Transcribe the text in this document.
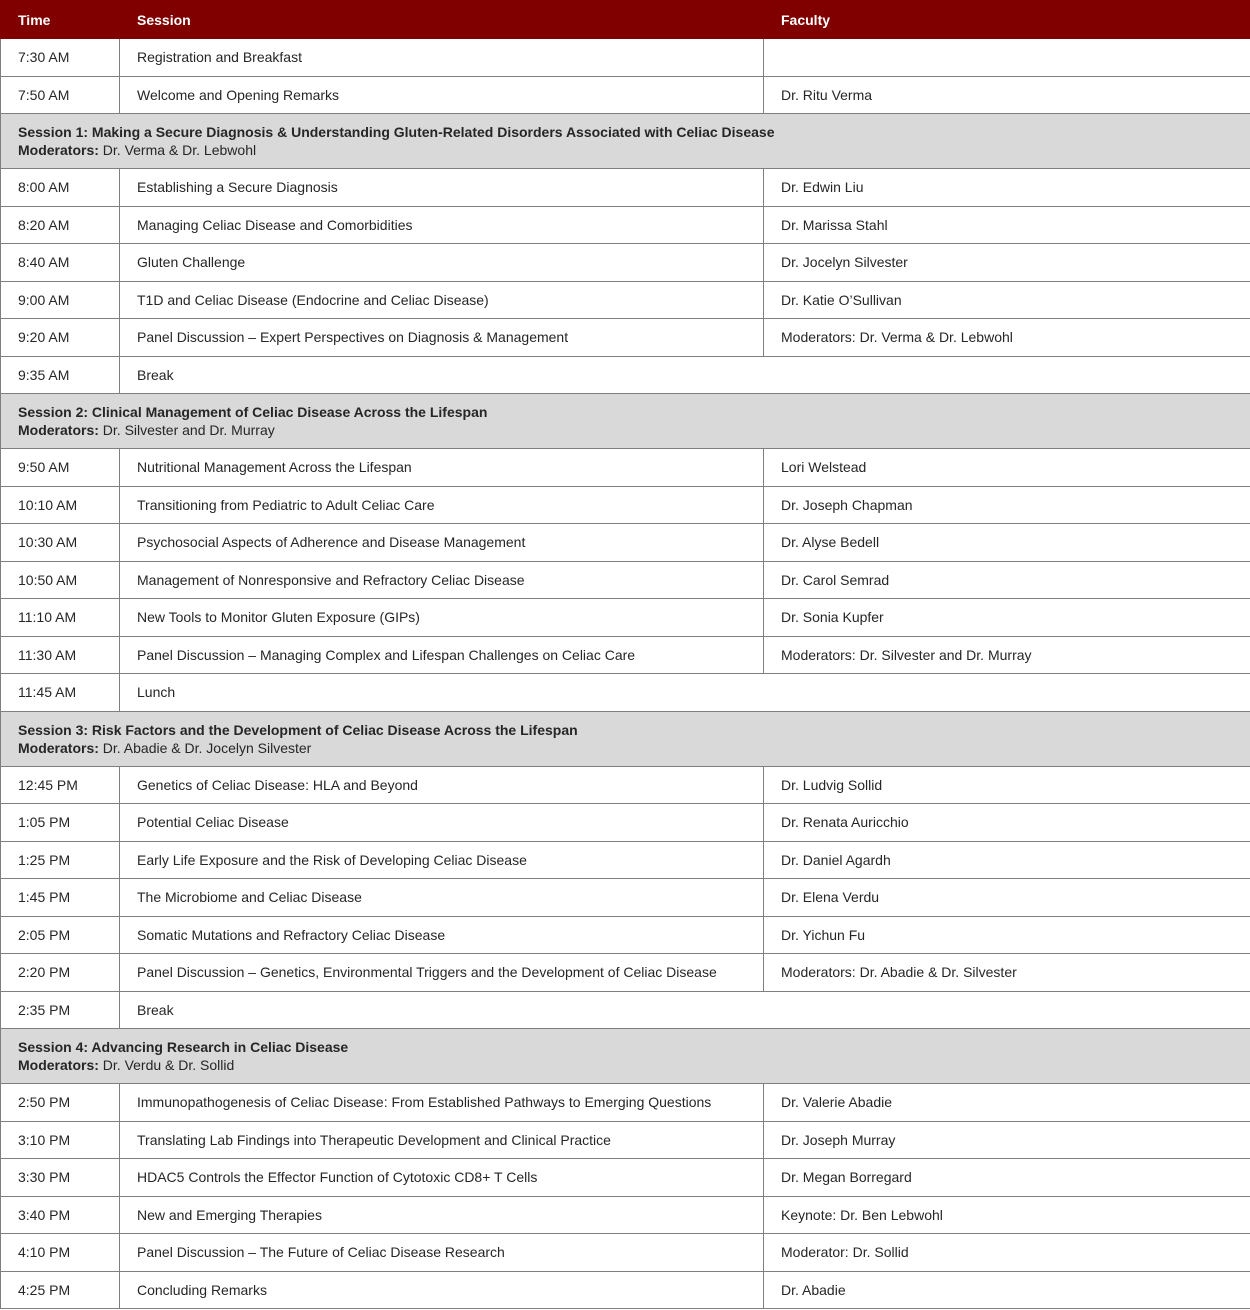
Time	Session	Faculty
7:30 AM	Registration and Breakfast	
7:50 AM	Welcome and Opening Remarks	Dr. Ritu Verma

Session 1: Making a Secure Diagnosis & Understanding Gluten-Related Disorders Associated with Celiac Disease
Moderators: Dr. Verma & Dr. Lebwohl		

8:00 AM	Establishing a Secure Diagnosis	Dr. Edwin Liu
8:20 AM	Managing Celiac Disease and Comorbidities	Dr. Marissa Stahl
8:40 AM	Gluten Challenge	Dr. Jocelyn Silvester
9:00 AM	T1D and Celiac Disease (Endocrine and Celiac Disease)	Dr. Katie O’Sullivan
9:20 AM	Panel Discussion – Expert Perspectives on Diagnosis & Management	Moderators: Dr. Verma & Dr. Lebwohl
9:35 AM	Break	

Session 2: Clinical Management of Celiac Disease Across the Lifespan
Moderators: Dr. Silvester and Dr. Murray		

9:50 AM	Nutritional Management Across the Lifespan	Lori Welstead
10:10 AM	Transitioning from Pediatric to Adult Celiac Care	Dr. Joseph Chapman
10:30 AM	Psychosocial Aspects of Adherence and Disease Management	Dr. Alyse Bedell
10:50 AM	Management of Nonresponsive and Refractory Celiac Disease	Dr. Carol Semrad
11:10 AM	New Tools to Monitor Gluten Exposure (GIPs)	Dr. Sonia Kupfer
11:30 AM	Panel Discussion – Managing Complex and Lifespan Challenges on Celiac Care	Moderators: Dr. Silvester and Dr. Murray
11:45 AM	Lunch	

Session 3: Risk Factors and the Development of Celiac Disease Across the Lifespan
Moderators: Dr. Abadie & Dr. Jocelyn Silvester		

12:45 PM	Genetics of Celiac Disease: HLA and Beyond	Dr. Ludvig Sollid
1:05 PM	Potential Celiac Disease	Dr. Renata Auricchio
1:25 PM	Early Life Exposure and the Risk of Developing Celiac Disease	Dr. Daniel Agardh
1:45 PM	The Microbiome and Celiac Disease	Dr. Elena Verdu
2:05 PM	Somatic Mutations and Refractory Celiac Disease	Dr. Yichun Fu
2:20 PM	Panel Discussion – Genetics, Environmental Triggers and the Development of Celiac Disease	Moderators: Dr. Abadie & Dr. Silvester
2:35 PM	Break	

Session 4: Advancing Research in Celiac Disease
Moderators: Dr. Verdu & Dr. Sollid		

2:50 PM	Immunopathogenesis of Celiac Disease: From Established Pathways to Emerging Questions	Dr. Valerie Abadie
3:10 PM	Translating Lab Findings into Therapeutic Development and Clinical Practice	Dr. Joseph Murray
3:30 PM	HDAC5 Controls the Effector Function of Cytotoxic CD8+ T Cells	Dr. Megan Borregard
3:40 PM	New and Emerging Therapies	Keynote: Dr. Ben Lebwohl
4:10 PM	Panel Discussion – The Future of Celiac Disease Research	Moderator: Dr. Sollid
4:25 PM	Concluding Remarks	Dr. Abadie
